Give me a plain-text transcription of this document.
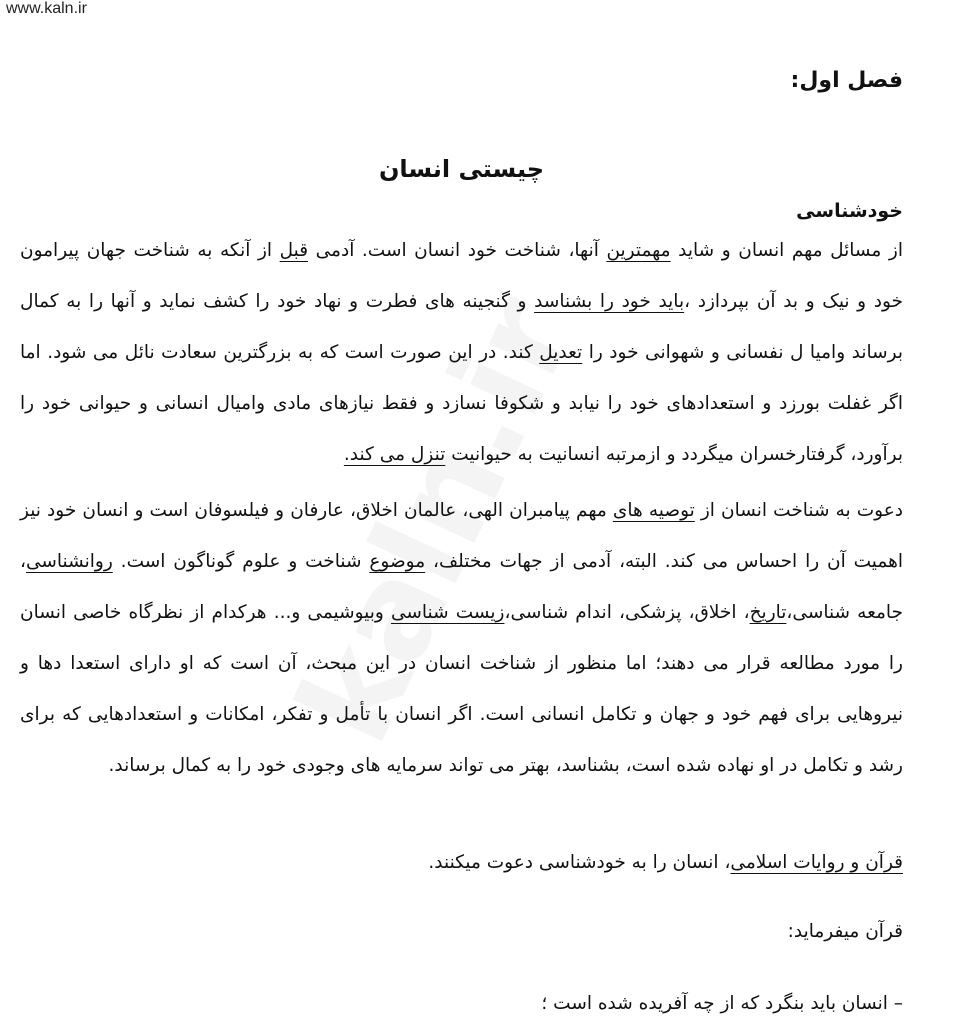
www.kaln.ir
فصل اول:
چیستی انسان
خودشناسی

از مسائل مهم انسان و شاید مهمترین آنها، شناخت خود انسان است. آدمی قبل از آنکه به شناخت جهان پیرامون خود و نیک و بد آن بپردازد ،باید خود را بشناسد و گنجینه های فطرت و نهاد خود را کشف نماید و آنها را به کمال برساند وامیا ل نفسانی و شهوانی خود را تعدیل کند. در این صورت است که به بزرگترین سعادت نائل می شود. اما اگر غفلت بورزد و استعدادهای خود را نیابد و شکوفا نسازد و فقط نیازهای مادی وامیال انسانی و حیوانی خود را برآورد، گرفتارخسران میگردد و ازمرتبه انسانیت به حیوانیت تنزل می کند.

دعوت به شناخت انسان از توصیه های مهم پیامبران الهی، عالمان اخلاق، عارفان و فیلسوفان است و انسان خود نیز اهمیت آن را احساس می کند. البته، آدمی از جهات مختلف، موضوع شناخت و علوم گوناگون است. روانشناسی، جامعه شناسی،تاریخ، اخلاق، پزشکی، اندام شناسی،زیست شناسی وبیوشیمی و... هرکدام از نظرگاه خاصی انسان را مورد مطالعه قرار می دهند؛ اما منظور از شناخت انسان در این مبحث، آن است که او دارای استعدا دها و نیروهایی برای فهم خود و جهان و تکامل انسانی است. اگر انسان با تأمل و تفکر، امکانات و استعدادهایی که برای رشد و تکامل در او نهاده شده است، بشناسد، بهتر می تواند سرمایه های وجودی خود را به کمال برساند.

قرآن و روایات اسلامی، انسان را به خودشناسی دعوت میکنند.

قرآن میفرماید:

– انسان باید بنگرد که از چه آفریده شده است ؛
